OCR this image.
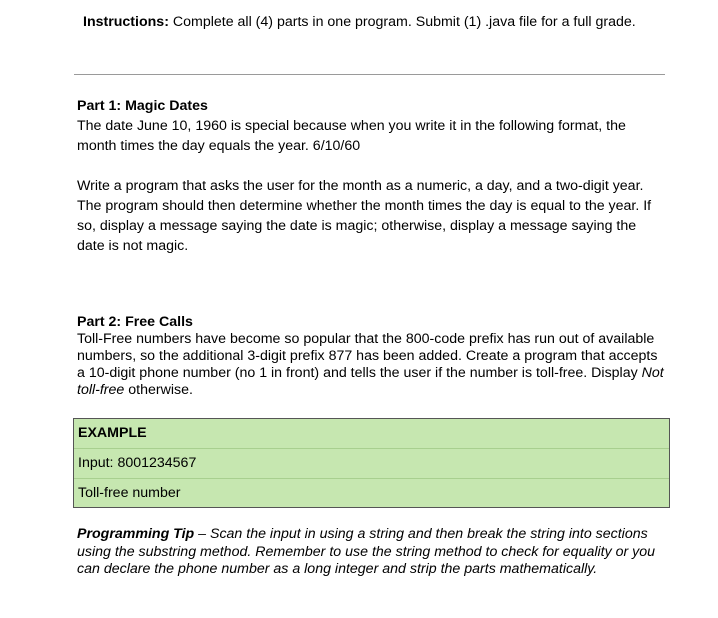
Instructions: Complete all (4) parts in one program. Submit (1) .java file for a full grade.
Part 1: Magic Dates
The date June 10, 1960 is special because when you write it in the following format, the month times the day equals the year. 6/10/60
Write a program that asks the user for the month as a numeric, a day, and a two-digit year. The program should then determine whether the month times the day is equal to the year. If so, display a message saying the date is magic; otherwise, display a message saying the date is not magic.
Part 2: Free Calls
Toll-Free numbers have become so popular that the 800-code prefix has run out of available numbers, so the additional 3-digit prefix 877 has been added. Create a program that accepts a 10-digit phone number (no 1 in front) and tells the user if the number is toll-free. Display Not toll-free otherwise.
EXAMPLE
Input: 8001234567
Toll-free number
Programming Tip – Scan the input in using a string and then break the string into sections using the substring method. Remember to use the string method to check for equality or you can declare the phone number as a long integer and strip the parts mathematically.
